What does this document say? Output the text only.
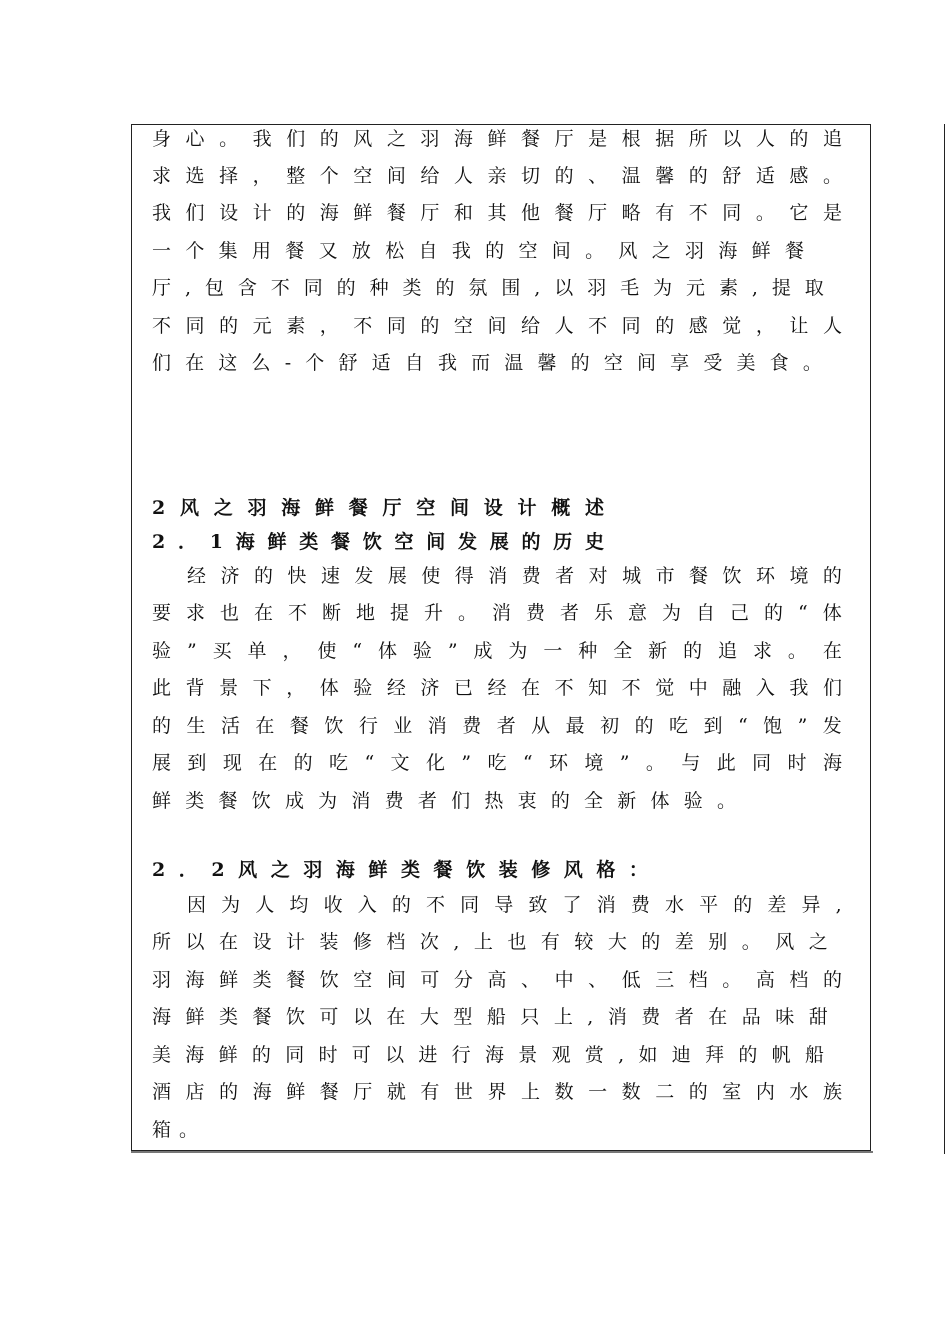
身 心 。 我 们 的 风 之 羽 海 鲜 餐 厅 是 根 据 所 以 人 的 追
求 选 择 ， 整 个 空 间 给 人 亲 切 的 、 温 馨 的 舒 适 感 。
我 们 设 计 的 海 鲜 餐 厅 和 其 他 餐 厅 略 有 不 同 。 它 是
一 个 集 用 餐 又 放 松 自 我 的 空 间 。 风 之 羽 海 鲜 餐
厅 , 包 含 不 同 的 种 类 的 氛 围 , 以 羽 毛 为 元 素 , 提 取
不 同 的 元 素 ， 不 同 的 空 间 给 人 不 同 的 感 觉 ， 让 人
们 在 这 么 - 个 舒 适 自 我 而 温 馨 的 空 间 享 受 美 食 。
2 风 之 羽 海 鲜 餐 厅 空 间 设 计 概 述
2 ． 1 海 鲜 类 餐 饮 空 间 发 展 的 历 史
经 济 的 快 速 发 展 使 得 消 费 者 对 城 市 餐 饮 环 境 的
要 求 也 在 不 断 地 提 升 。 消 费 者 乐 意 为 自 己 的 “ 体
验 ” 买 单 ， 使 “ 体 验 ” 成 为 一 种 全 新 的 追 求 。 在
此 背 景 下 ， 体 验 经 济 已 经 在 不 知 不 觉 中 融 入 我 们
的 生 活 在 餐 饮 行 业 消 费 者 从 最 初 的 吃 到 “ 饱 ” 发
展 到 现 在 的 吃 “ 文 化 ” 吃 “ 环 境 ” 。 与 此 同 时 海
鲜 类 餐 饮 成 为 消 费 者 们 热 衷 的 全 新 体 验 。
2 ． 2 风 之 羽 海 鲜 类 餐 饮 装 修 风 格 ：
因 为 人 均 收 入 的 不 同 导 致 了 消 费 水 平 的 差 异 ,
所 以 在 设 计 装 修 档 次 , 上 也 有 较 大 的 差 别 。 风 之
羽 海 鲜 类 餐 饮 空 间 可 分 高 、 中 、 低 三 档 。 高 档 的
海 鲜 类 餐 饮 可 以 在 大 型 船 只 上 , 消 费 者 在 品 味 甜
美 海 鲜 的 同 时 可 以 进 行 海 景 观 赏 , 如 迪 拜 的 帆 船
酒 店 的 海 鲜 餐 厅 就 有 世 界 上 数 一 数 二 的 室 内 水 族
箱 。
